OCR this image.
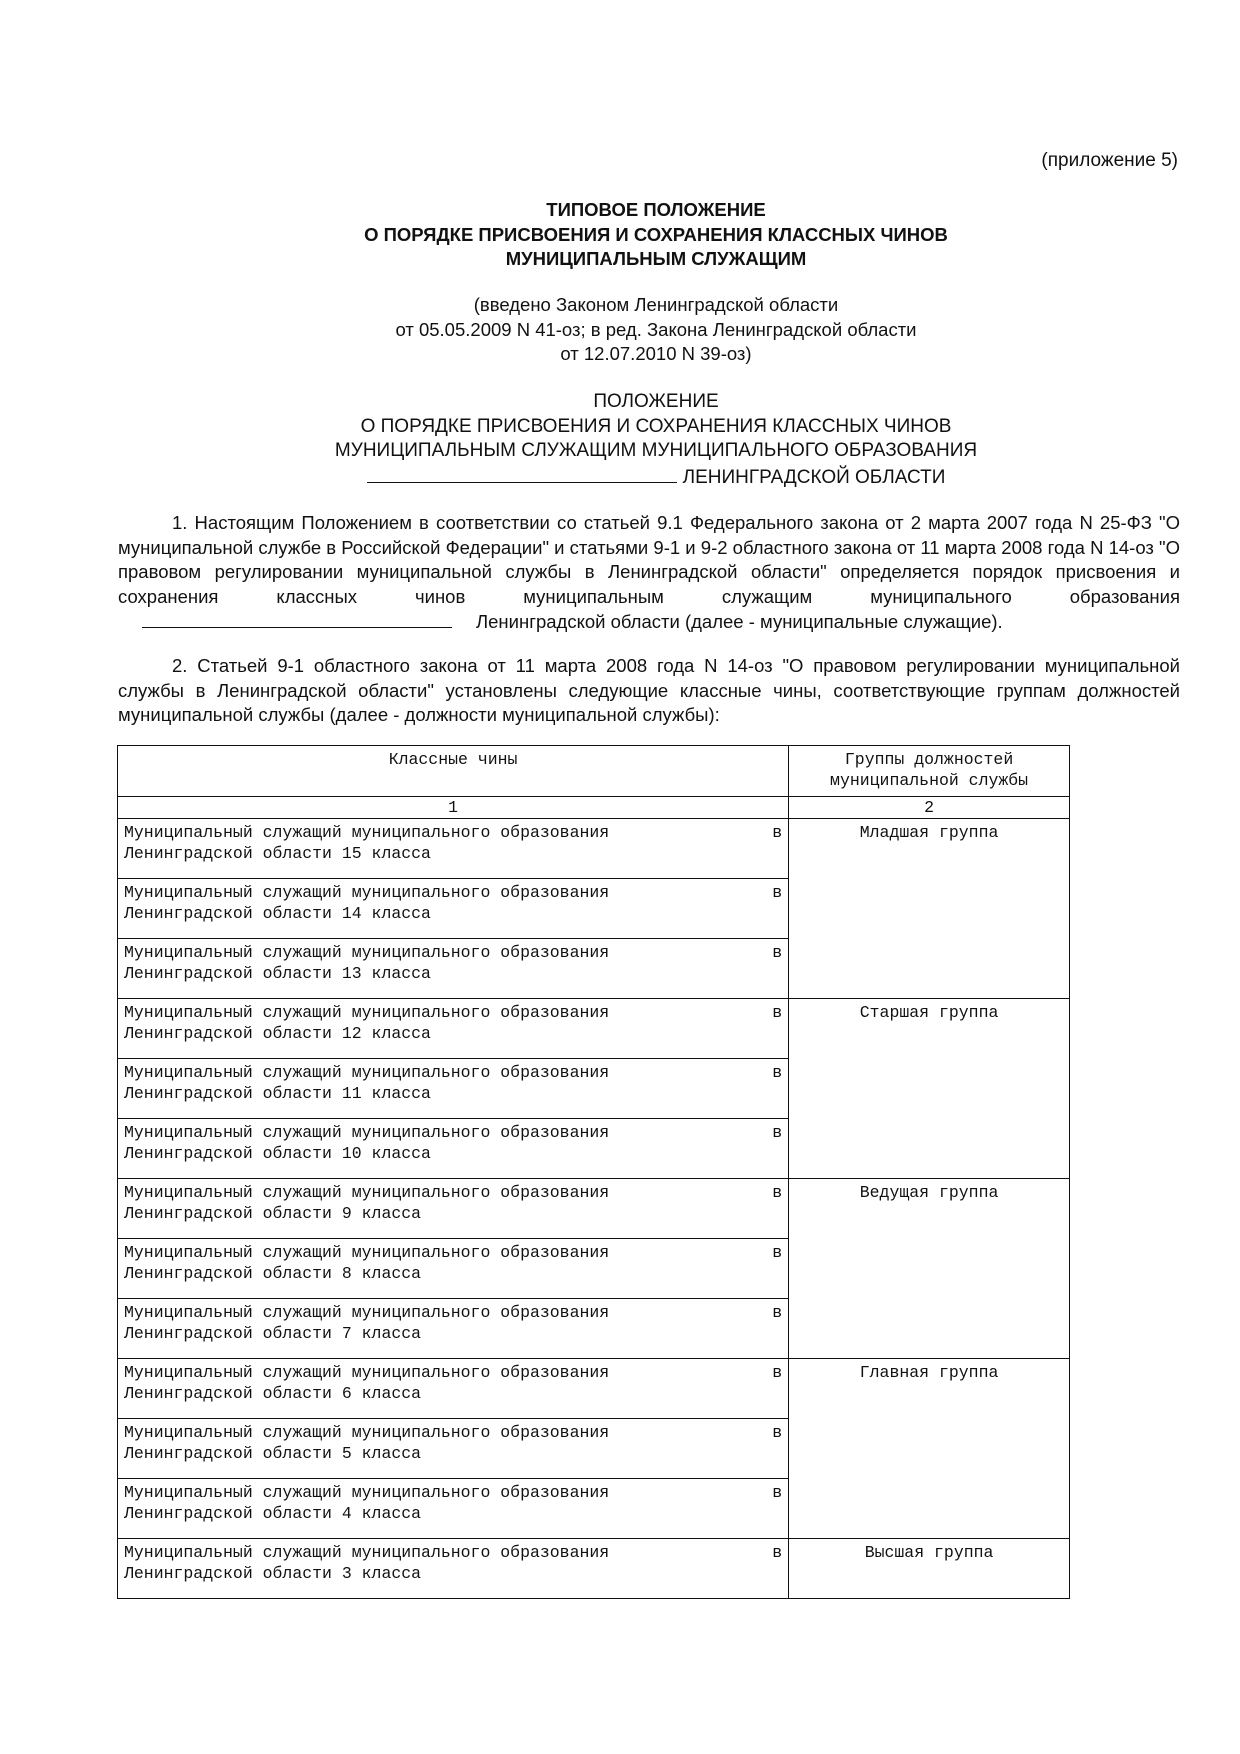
(приложение 5)
ТИПОВОЕ ПОЛОЖЕНИЕ
О ПОРЯДКЕ ПРИСВОЕНИЯ И СОХРАНЕНИЯ КЛАССНЫХ ЧИНОВ
МУНИЦИПАЛЬНЫМ СЛУЖАЩИМ
(введено Законом Ленинградской области
от 05.05.2009 N 41-оз; в ред. Закона Ленинградской области
от 12.07.2010 N 39-оз)
ПОЛОЖЕНИЕ
О ПОРЯДКЕ ПРИСВОЕНИЯ И СОХРАНЕНИЯ КЛАССНЫХ ЧИНОВ
МУНИЦИПАЛЬНЫМ СЛУЖАЩИМ МУНИЦИПАЛЬНОГО ОБРАЗОВАНИЯ
ЛЕНИНГРАДСКОЙ ОБЛАСТИ
1. Настоящим Положением в соответствии со статьей 9.1 Федерального закона от 2 марта 2007 года N 25-ФЗ "О муниципальной службе в Российской Федерации" и статьями 9-1 и 9-2 областного закона от 11 марта 2008 года N 14-оз "О правовом регулировании муниципальной службы в Ленинградской области" определяется порядок присвоения и сохранения классных чинов муниципальным служащим муниципального образованияЛенинградской области (далее - муниципальные служащие).
2. Статьей 9-1 областного закона от 11 марта 2008 года N 14-оз "О правовом регулировании муниципальной службы в Ленинградской области" установлены следующие классные чины, соответствующие группам должностей муниципальной службы (далее - должности муниципальной службы):
Классные чины	Группы должностей
муниципальной службы

1	2

Муниципальный служащий муниципального образования в
Ленинградской области 15 класса	Младшая группа

Муниципальный служащий муниципального образования в
Ленинградской области 14 класса	

Муниципальный служащий муниципального образования в
Ленинградской области 13 класса	

Муниципальный служащий муниципального образования в
Ленинградской области 12 класса	Старшая группа

Муниципальный служащий муниципального образования в
Ленинградской области 11 класса	

Муниципальный служащий муниципального образования в
Ленинградской области 10 класса	

Муниципальный служащий муниципального образования в
Ленинградской области 9 класса	Ведущая группа

Муниципальный служащий муниципального образования в
Ленинградской области 8 класса	

Муниципальный служащий муниципального образования в
Ленинградской области 7 класса	

Муниципальный служащий муниципального образования в
Ленинградской области 6 класса	Главная группа

Муниципальный служащий муниципального образования в
Ленинградской области 5 класса	

Муниципальный служащий муниципального образования в
Ленинградской области 4 класса	

Муниципальный служащий муниципального образования в
Ленинградской области 3 класса	Высшая группа
